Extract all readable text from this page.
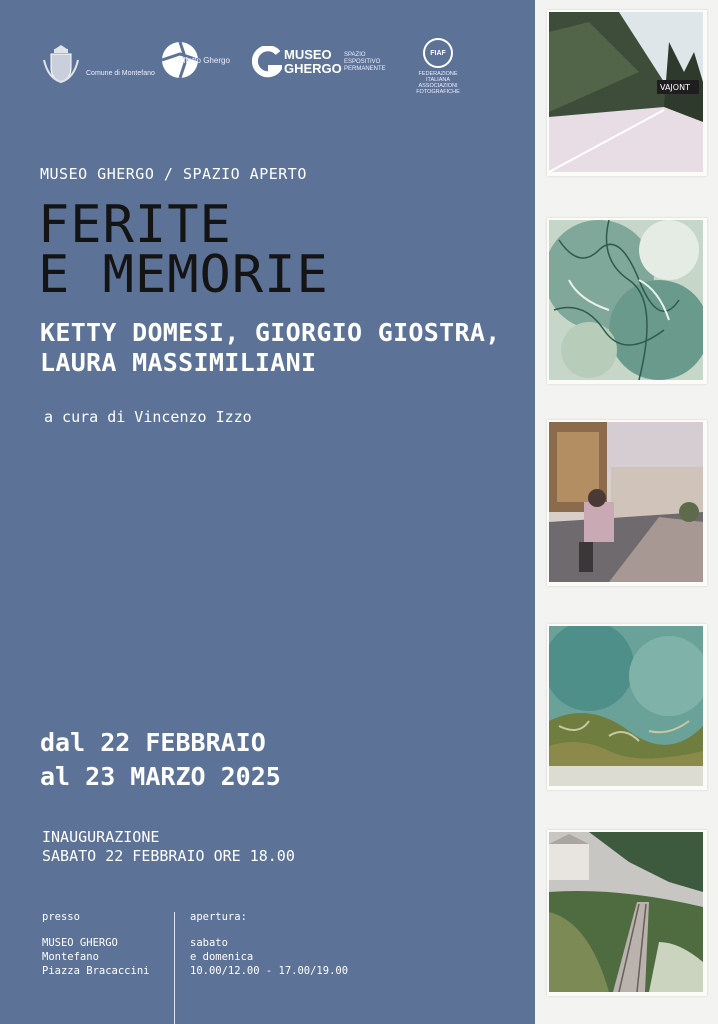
Comune di Montefano
Effetto Ghergo	MUSEO GHERGO
SPAZIO ESPOSITIVO PERMANENTE
FIAF
FEDERAZIONE ITALIANA ASSOCIAZIONI FOTOGRAFICHE
MUSEO GHERGO / SPAZIO APERTO
FERITE
E MEMORIE
KETTY DOMESI, GIORGIO GIOSTRA,
LAURA MASSIMILIANI
a cura di Vincenzo Izzo
dal 22 FEBBRAIO
al 23 MARZO 2025
INAUGURAZIONE
SABATO 22 FEBBRAIO ORE 18.00
presso
MUSEO GHERGO
Montefano
Piazza Bracaccini
apertura:
sabato
e domenica
10.00/12.00 - 17.00/19.00
VAJONT
